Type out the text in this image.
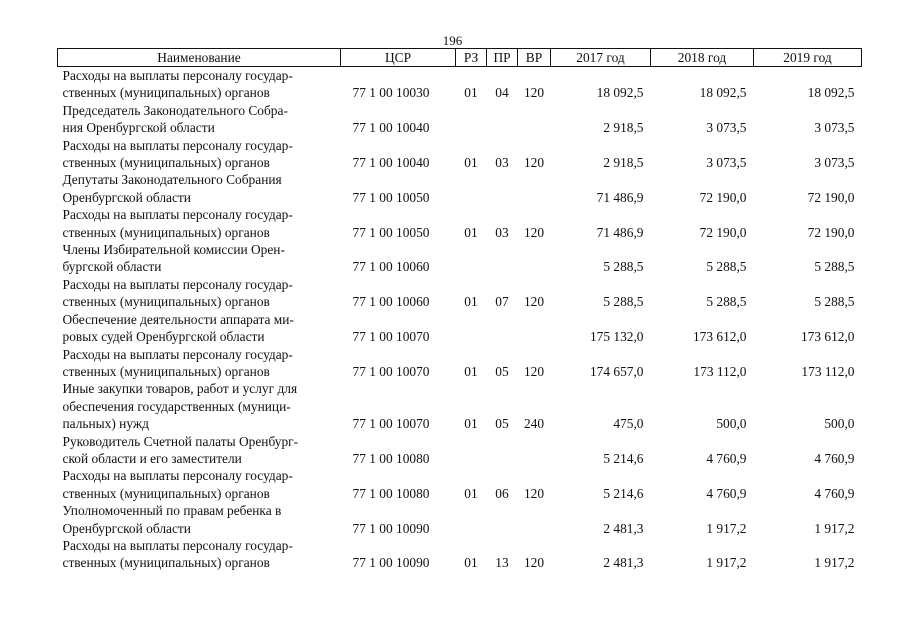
196
Наименование	ЦСР	РЗ	ПР	ВР	2017 год	2018 год	2019 год

Расходы на выплаты персоналу государ-
ственных (муниципальных) органов	77 1 00 10030	01	04	120	18 092,5	18 092,5	18 092,5

Председатель Законодательного Собра-
ния Оренбургской области	77 1 00 10040				2 918,5	3 073,5	3 073,5

Расходы на выплаты персоналу государ-
ственных (муниципальных) органов	77 1 00 10040	01	03	120	2 918,5	3 073,5	3 073,5

Депутаты Законодательного Собрания
Оренбургской области	77 1 00 10050				71 486,9	72 190,0	72 190,0

Расходы на выплаты персоналу государ-
ственных (муниципальных) органов	77 1 00 10050	01	03	120	71 486,9	72 190,0	72 190,0

Члены Избирательной комиссии Орен-
бургской области	77 1 00 10060				5 288,5	5 288,5	5 288,5

Расходы на выплаты персоналу государ-
ственных (муниципальных) органов	77 1 00 10060	01	07	120	5 288,5	5 288,5	5 288,5

Обеспечение деятельности аппарата ми-
ровых судей Оренбургской области	77 1 00 10070				175 132,0	173 612,0	173 612,0

Расходы на выплаты персоналу государ-
ственных (муниципальных) органов	77 1 00 10070	01	05	120	174 657,0	173 112,0	173 112,0

Иные закупки товаров, работ и услуг для
обеспечения государственных (муници-
пальных) нужд	77 1 00 10070	01	05	240	475,0	500,0	500,0

Руководитель Счетной палаты Оренбург-
ской области и его заместители	77 1 00 10080				5 214,6	4 760,9	4 760,9

Расходы на выплаты персоналу государ-
ственных (муниципальных) органов	77 1 00 10080	01	06	120	5 214,6	4 760,9	4 760,9

Уполномоченный по правам ребенка в
Оренбургской области	77 1 00 10090				2 481,3	1 917,2	1 917,2

Расходы на выплаты персоналу государ-
ственных (муниципальных) органов	77 1 00 10090	01	13	120	2 481,3	1 917,2	1 917,2
